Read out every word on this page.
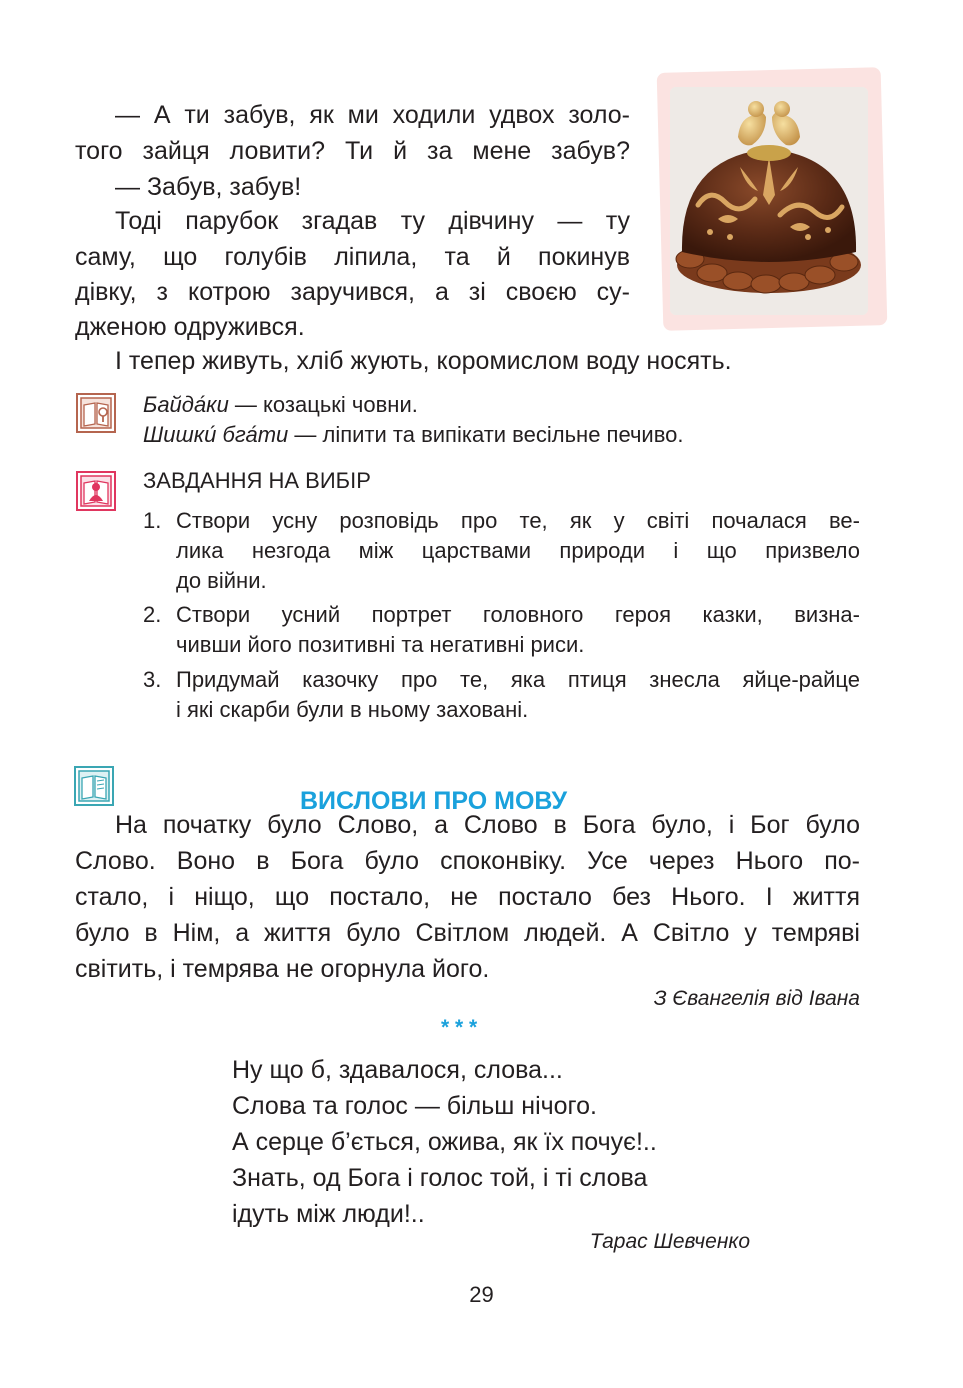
— А ти забув, як ми ходили удвох золо-
того зайця ловити? Ти й за мене забув?
— Забув, забув!
Тоді парубок згадав ту дівчину — ту
саму, що голубів ліпила, та й покинув
дівку, з котрою заручився, а зі своєю су-
дженою одружився.
І тепер живуть, хліб жують, коромислом воду носять.
Байда́ки — козацькі човни.
Шишки́ бга́ти — ліпити та випікати весільне печиво.
ЗАВДАННЯ НА ВИБІР
1. Створи усну розповідь про те, як у світі почалася ве-
лика незгода між царствами природи і що призвело
до війни.
2. Створи усний портрет головного героя казки, визна-
чивши його позитивні та негативні риси.
3. Придумай казочку про те, яка птиця знесла яйце-райце
і які скарби були в ньому заховані.
ВИСЛОВИ ПРО МОВУ
На початку було Слово, а Слово в Бога було, і Бог було
Слово. Воно в Бога було споконвіку. Усе через Нього по-
стало, і ніщо, що постало, не постало без Нього. І життя
було в Нім, а життя було Світлом людей. А Світло у темряві
світить, і темрява не огорнула його.
З Євангелія від Івана
* * *
Ну що б, здавалося, слова...
Слова та голос — більш нічого.
А серце б’ється, ожива, як їх почує!..
Знать, од Бога і голос той, і ті слова
ідуть між люди!..
Тарас Шевченко
29
